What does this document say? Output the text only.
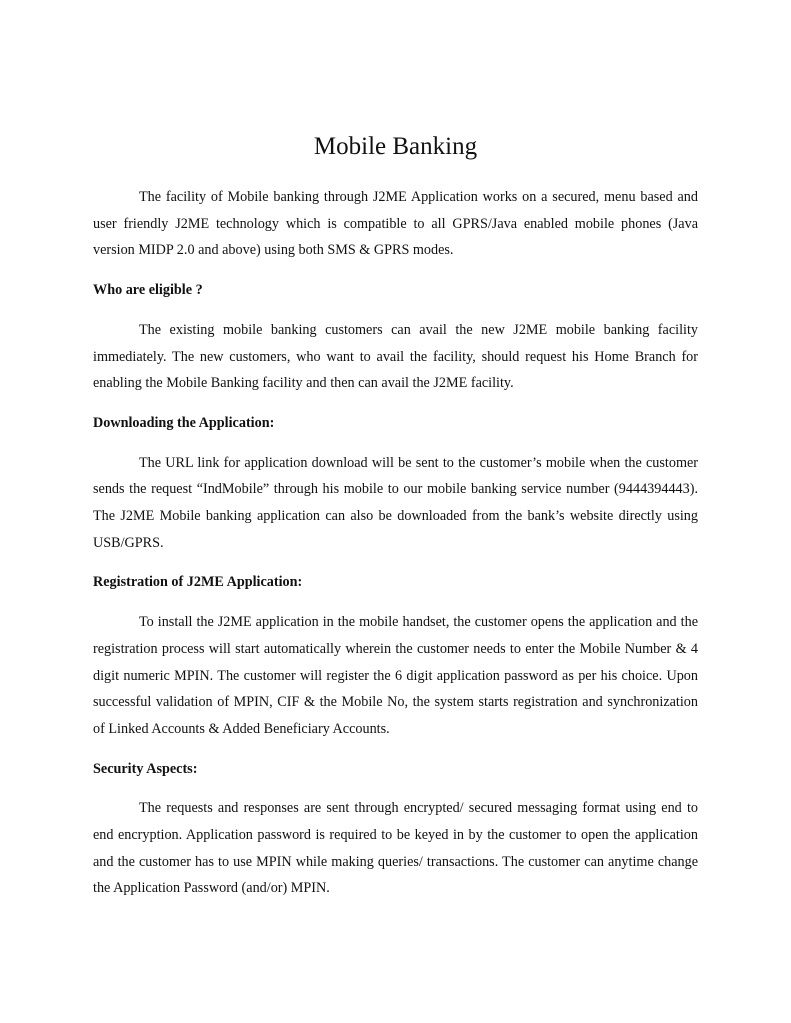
Mobile Banking

The facility of Mobile banking through J2ME Application works on a secured, menu based and user friendly J2ME technology which is compatible to all GPRS/Java enabled mobile phones (Java version MIDP 2.0 and above) using both SMS & GPRS modes.

Who are eligible ?

The existing mobile banking customers can avail the new J2ME mobile banking facility immediately. The new customers, who want to avail the facility, should request his Home Branch for enabling the Mobile Banking facility and then can avail the J2ME facility.

Downloading the Application:

The URL link for application download will be sent to the customer’s mobile when the customer sends the request “IndMobile” through his mobile to our mobile banking service number (9444394443). The J2ME Mobile banking application can also be downloaded from the bank’s website directly using USB/GPRS.

Registration of J2ME Application:

To install the J2ME application in the mobile handset, the customer opens the application and the registration process will start automatically wherein the customer needs to enter the Mobile Number & 4 digit numeric MPIN. The customer will register the 6 digit application password as per his choice. Upon successful validation of MPIN, CIF & the Mobile No, the system starts registration and synchronization of Linked Accounts & Added Beneficiary Accounts.

Security Aspects:

The requests and responses are sent through encrypted/ secured messaging format using end to end encryption. Application password is required to be keyed in by the customer to open the application and the customer has to use MPIN while making queries/ transactions. The customer can anytime change the Application Password (and/or) MPIN.
